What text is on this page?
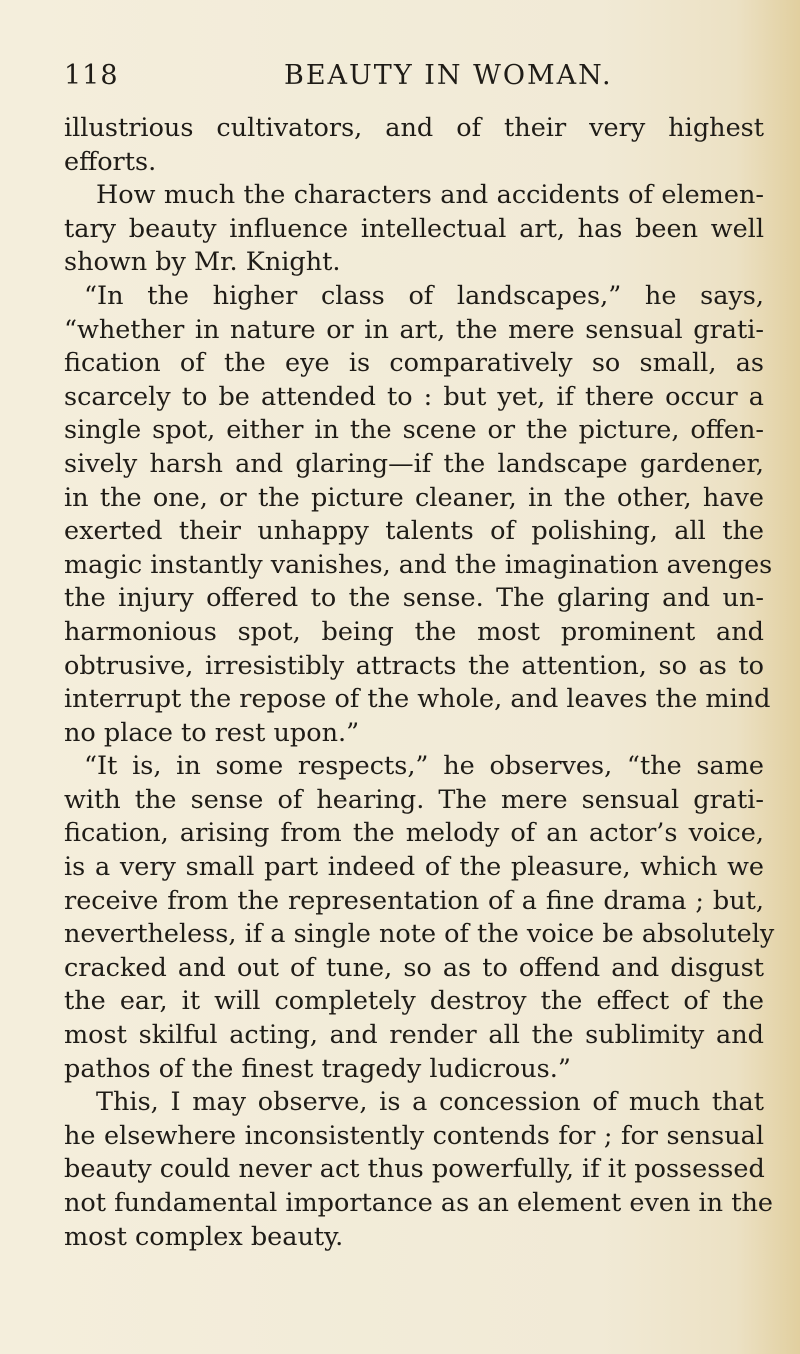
118	BEAUTY IN WOMAN.
illustrious cultivators, and of their very highest
efforts.
How much the characters and accidents of elemen-
tary beauty influence intellectual art, has been well
shown by Mr. Knight.
“In the higher class of landscapes,” he says,
“whether in nature or in art, the mere sensual grati-
fication of the eye is comparatively so small, as
scarcely to be attended to : but yet, if there occur a
single spot, either in the scene or the picture, offen-
sively harsh and glaring—if the landscape gardener,
in the one, or the picture cleaner, in the other, have
exerted their unhappy talents of polishing, all the
magic instantly vanishes, and the imagination avenges
the injury offered to the sense. The glaring and un-
harmonious spot, being the most prominent and
obtrusive, irresistibly attracts the attention, so as to
interrupt the repose of the whole, and leaves the mind
no place to rest upon.”
“It is, in some respects,” he observes, “the same
with the sense of hearing. The mere sensual grati-
fication, arising from the melody of an actor’s voice,
is a very small part indeed of the pleasure, which we
receive from the representation of a fine drama ; but,
nevertheless, if a single note of the voice be absolutely
cracked and out of tune, so as to offend and disgust
the ear, it will completely destroy the effect of the
most skilful acting, and render all the sublimity and
pathos of the finest tragedy ludicrous.”
This, I may observe, is a concession of much that
he elsewhere inconsistently contends for ; for sensual
beauty could never act thus powerfully, if it possessed
not fundamental importance as an element even in the
most complex beauty.
